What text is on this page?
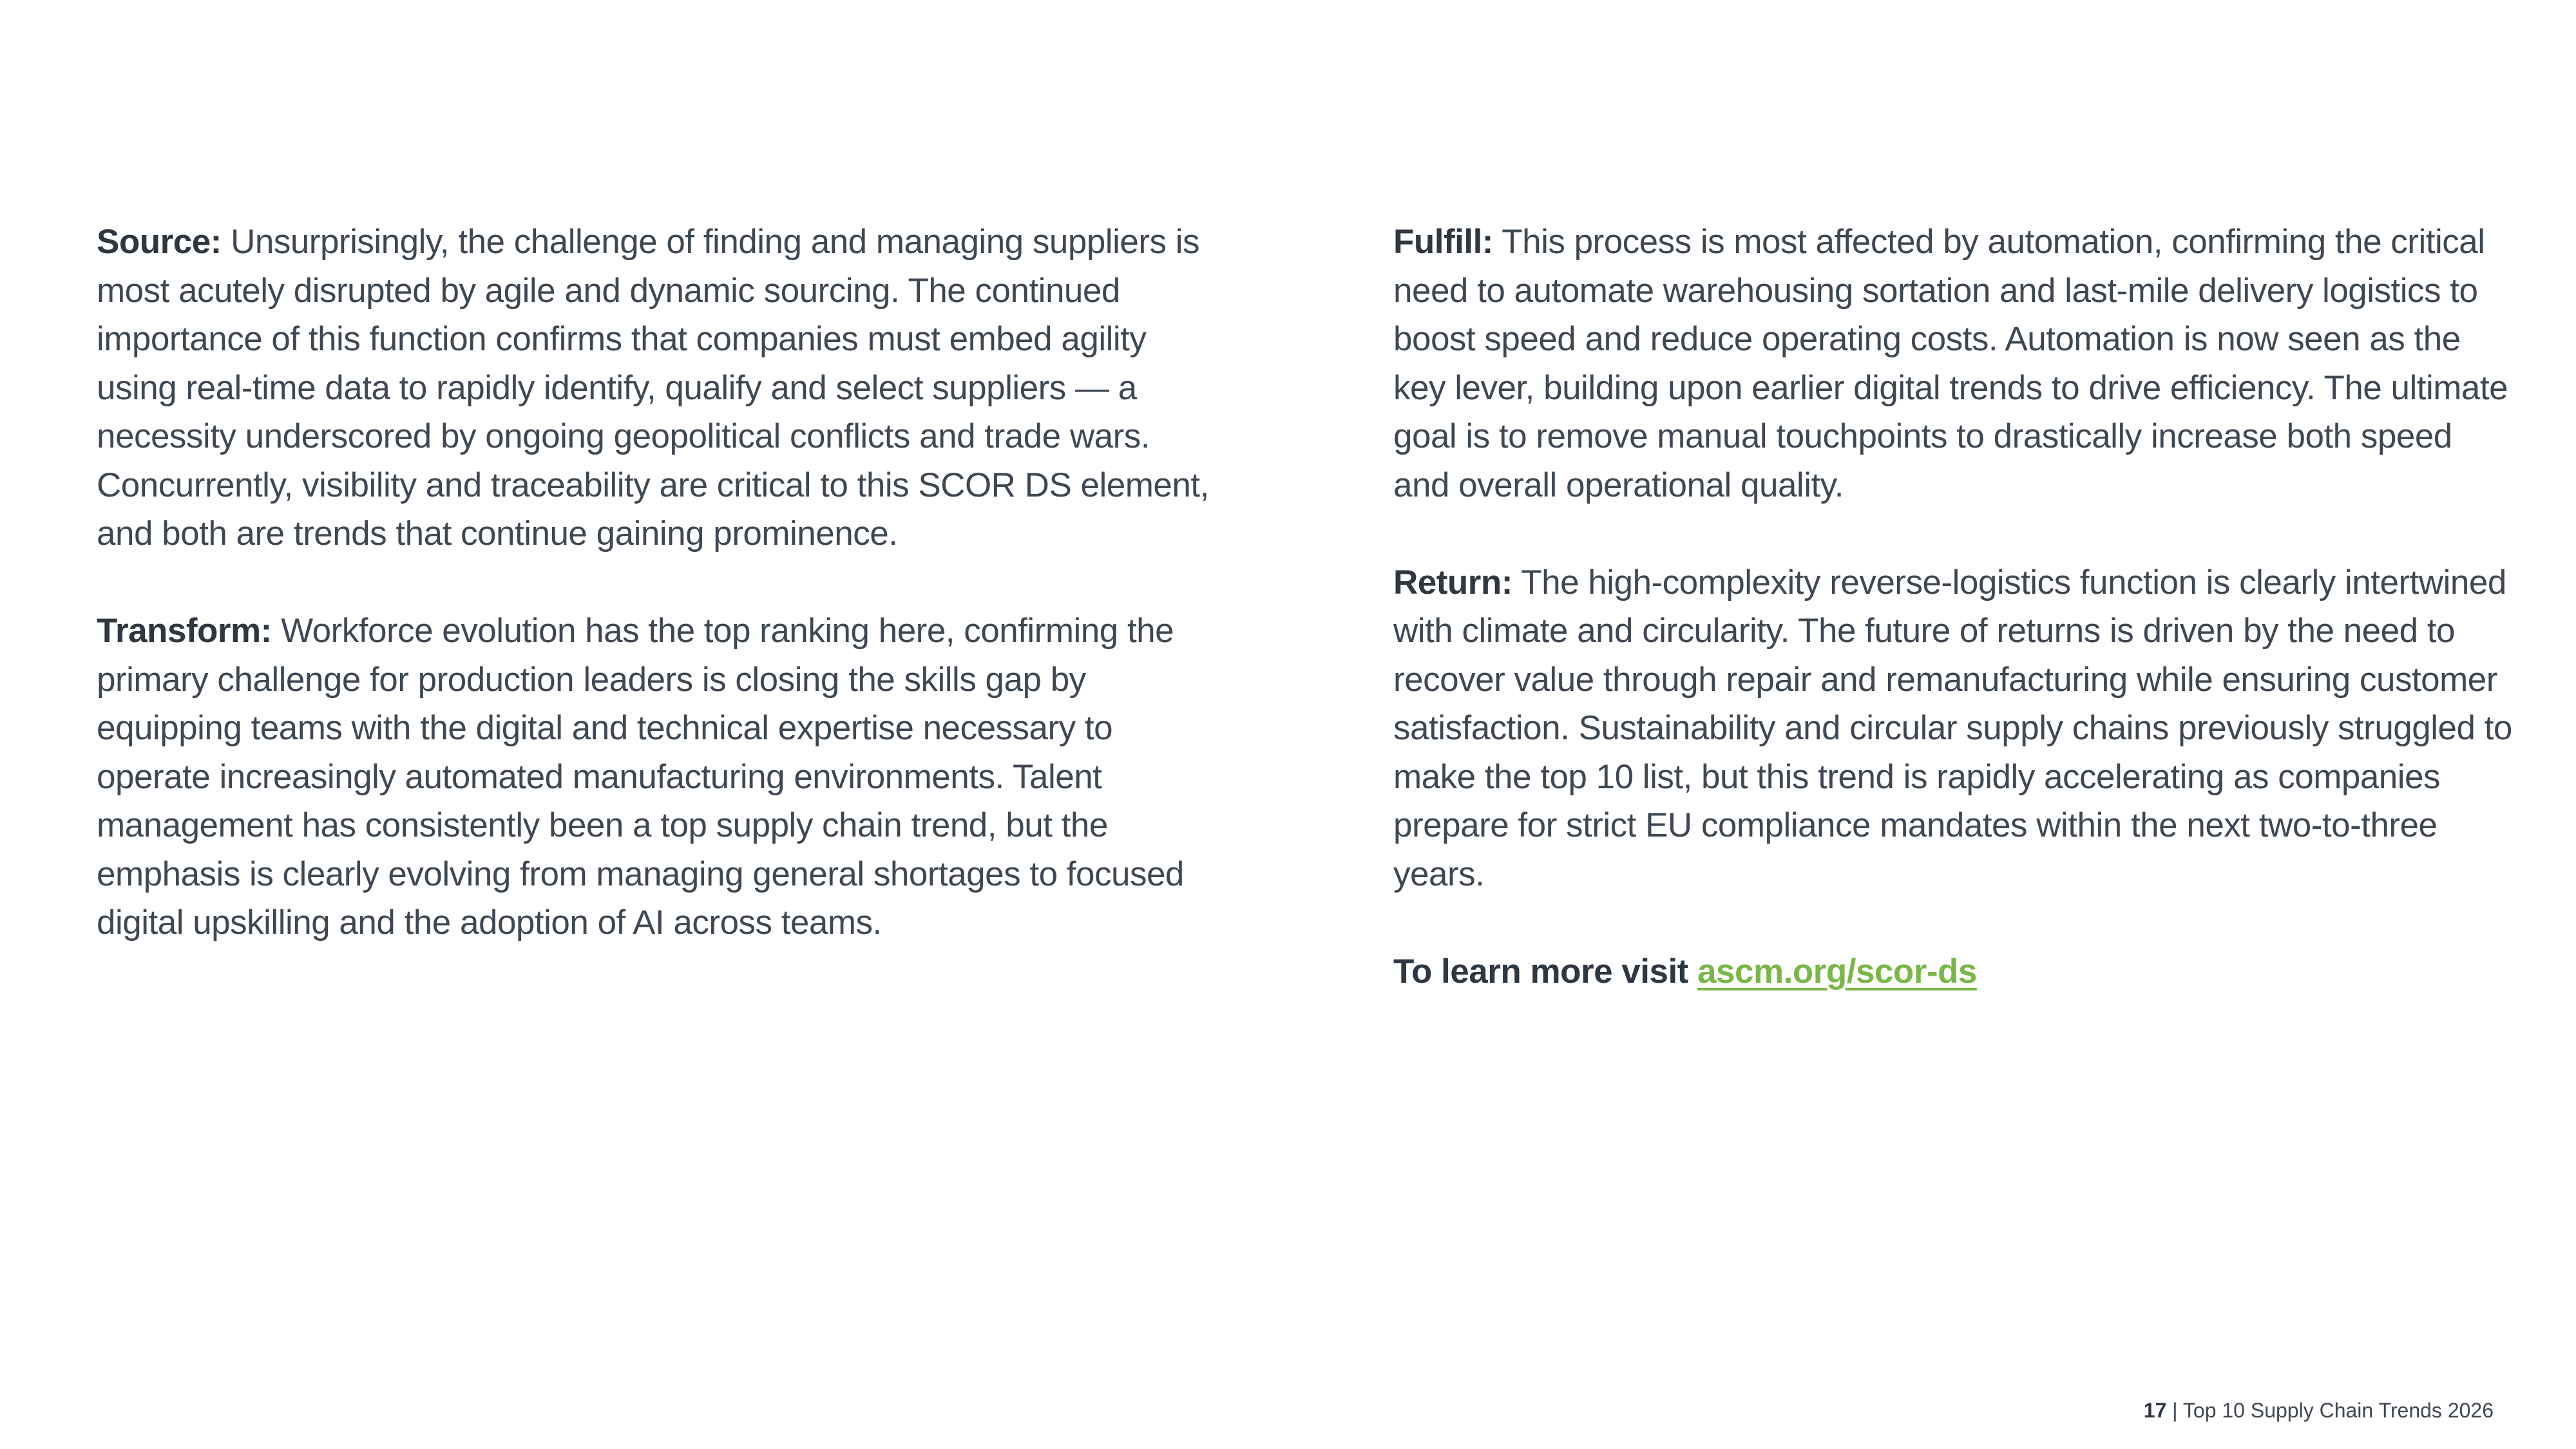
Source: Unsurprisingly, the challenge of finding and managing suppliers is most acutely disrupted by agile and dynamic sourcing. The continued importance of this function confirms that companies must embed agility using real-time data to rapidly identify, qualify and select suppliers — a necessity underscored by ongoing geopolitical conflicts and trade wars. Concurrently, visibility and traceability are critical to this SCOR DS element, and both are trends that continue gaining prominence.

Transform: Workforce evolution has the top ranking here, confirming the primary challenge for production leaders is closing the skills gap by equipping teams with the digital and technical expertise necessary to operate increasingly automated manufacturing environments. Talent management has consistently been a top supply chain trend, but the emphasis is clearly evolving from managing general shortages to focused digital upskilling and the adoption of AI across teams.

Fulfill: This process is most affected by automation, confirming the critical need to automate warehousing sortation and last-mile delivery logistics to boost speed and reduce operating costs. Automation is now seen as the key lever, building upon earlier digital trends to drive efficiency. The ultimate goal is to remove manual touchpoints to drastically increase both speed and overall operational quality.

Return: The high-complexity reverse-logistics function is clearly intertwined with climate and circularity. The future of returns is driven by the need to recover value through repair and remanufacturing while ensuring customer satisfaction. Sustainability and circular supply chains previously struggled to make the top 10 list, but this trend is rapidly accelerating as companies prepare for strict EU compliance mandates within the next two-to-three years.

To learn more visit ascm.org/scor-ds

17 | Top 10 Supply Chain Trends 2026
